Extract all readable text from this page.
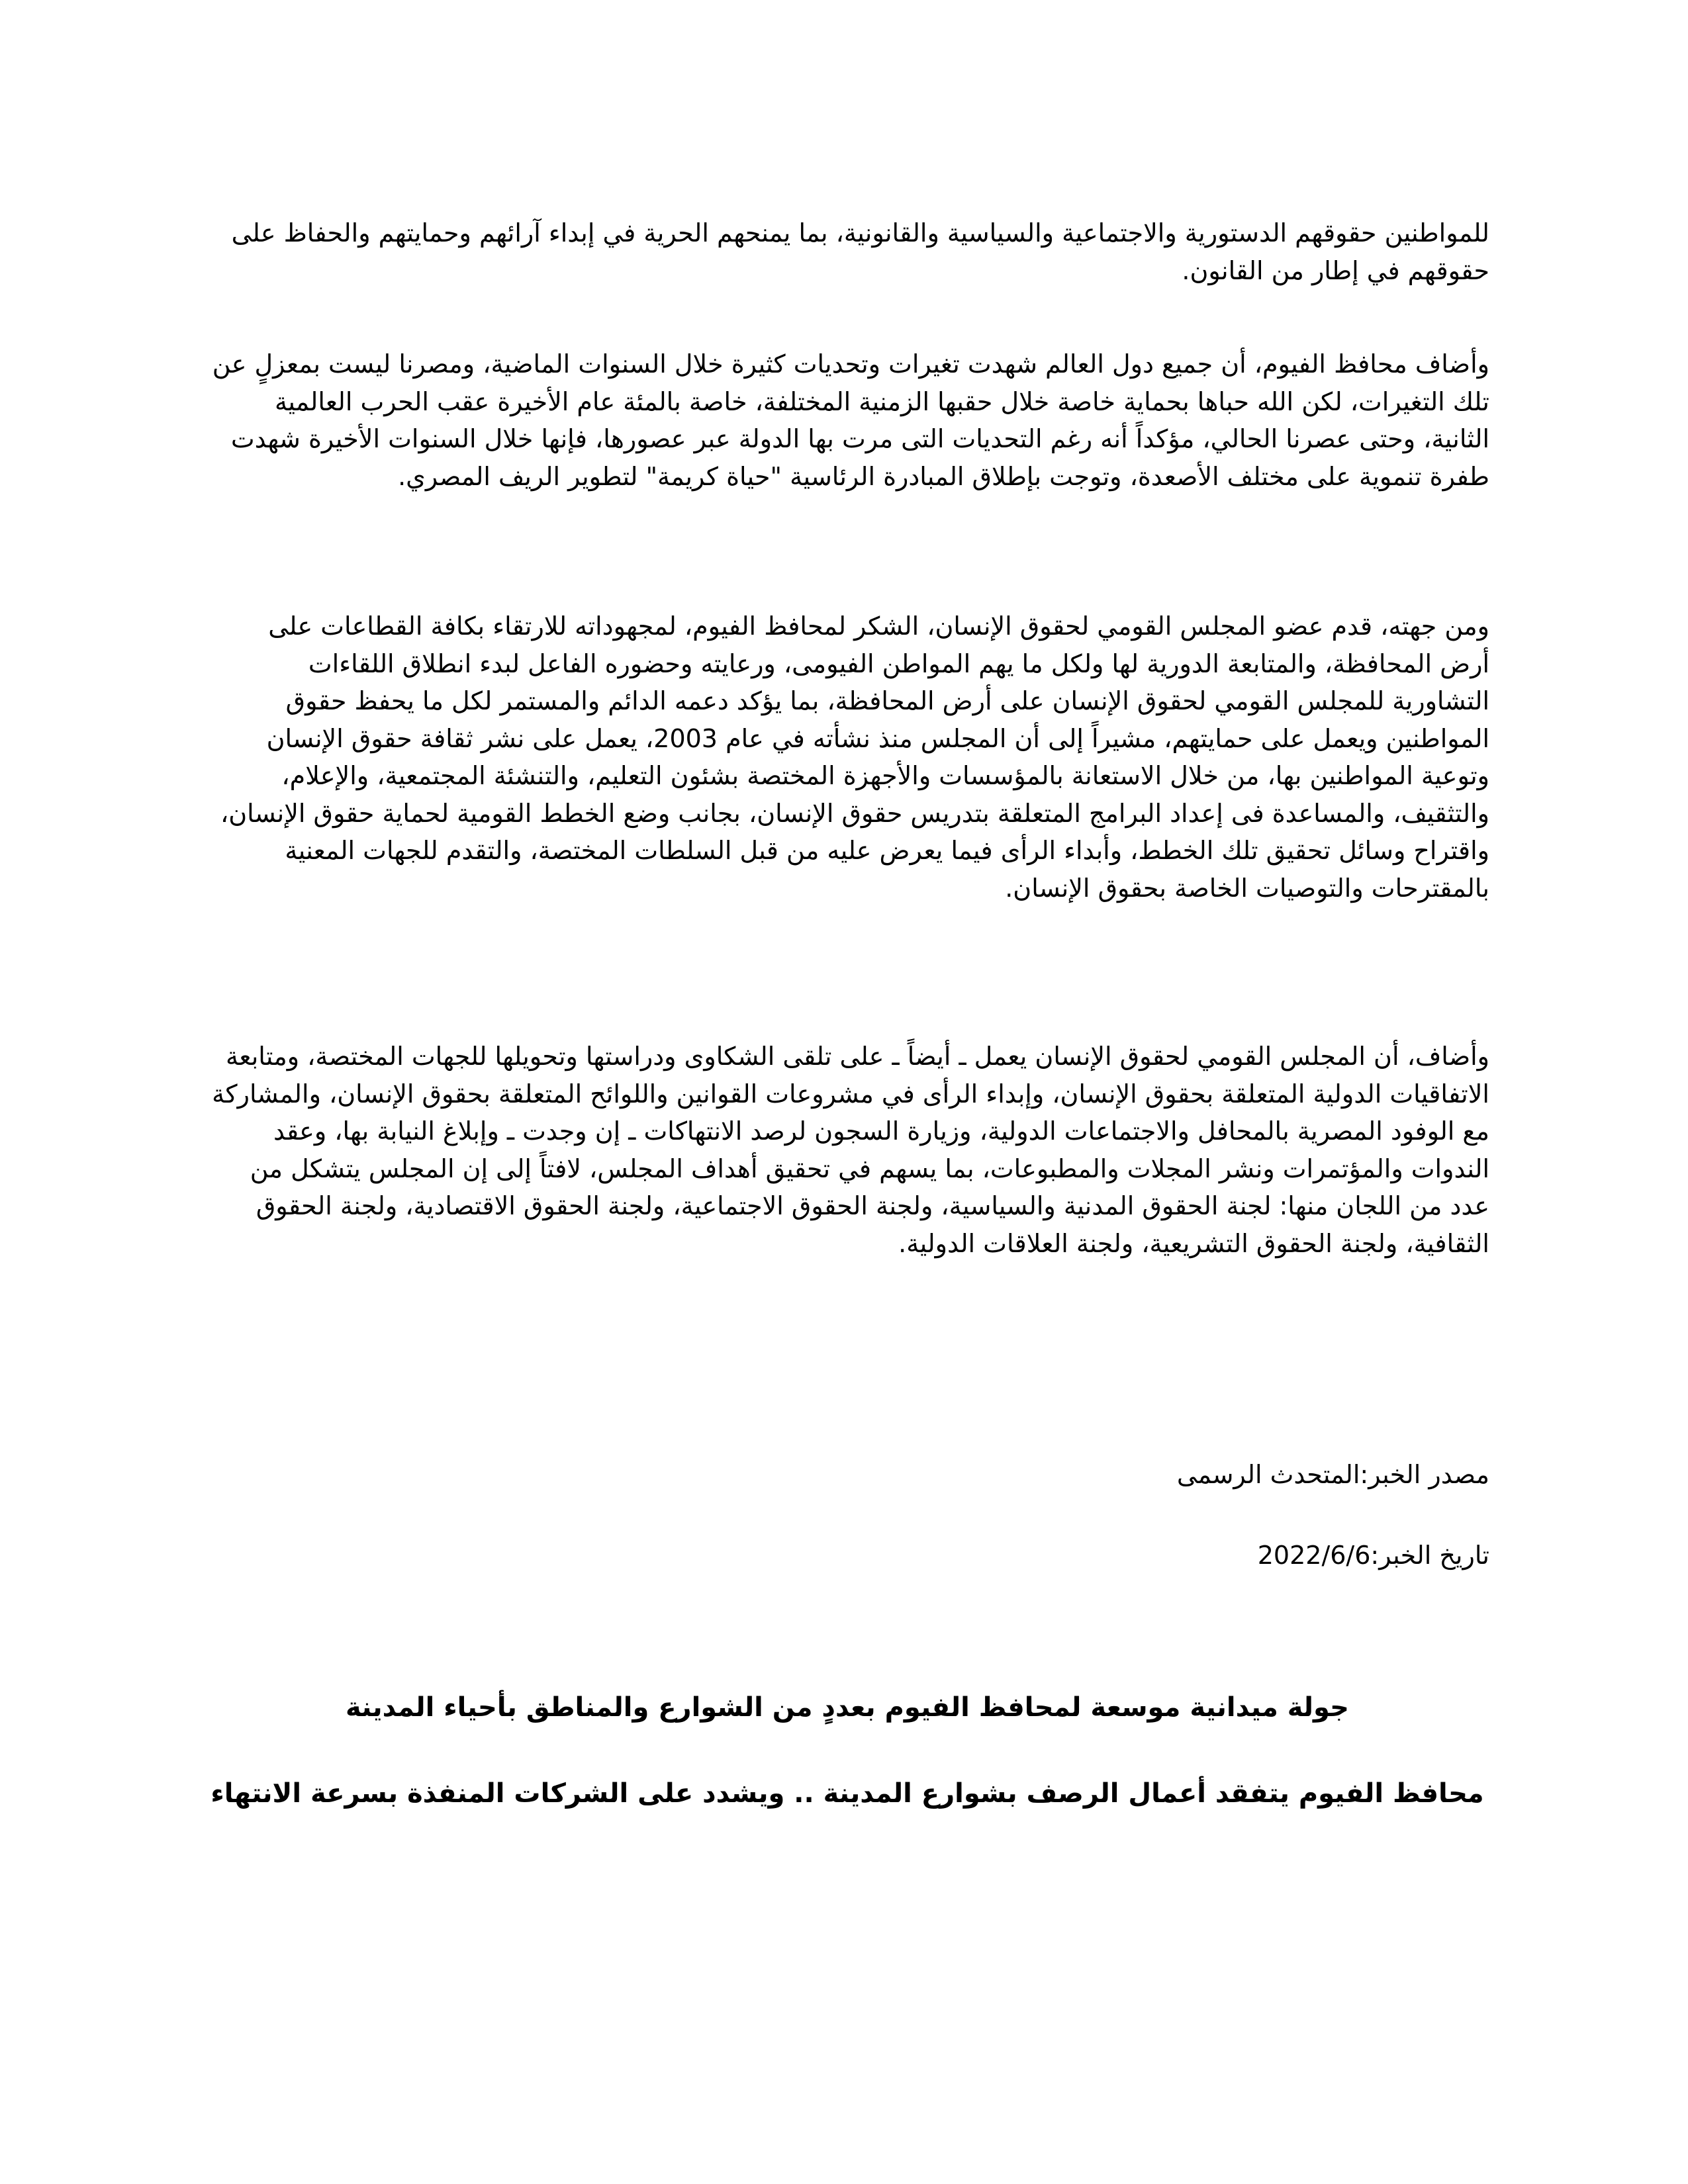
للمواطنين حقوقهم الدستورية والاجتماعية والسياسية والقانونية، بما يمنحهم الحرية في إبداء آرائهم وحمايتهم والحفاظ على حقوقهم في إطار من القانون.

وأضاف محافظ الفيوم، أن جميع دول العالم شهدت تغيرات وتحديات كثيرة خلال السنوات الماضية، ومصرنا ليست بمعزلٍ عن تلك التغيرات، لكن الله حباها بحماية خاصة خلال حقبها الزمنية المختلفة، خاصة بالمئة عام الأخيرة عقب الحرب العالمية الثانية، وحتى عصرنا الحالي، مؤكداً أنه رغم التحديات التى مرت بها الدولة عبر عصورها، فإنها خلال السنوات الأخيرة شهدت طفرة تنموية على مختلف الأصعدة، وتوجت بإطلاق المبادرة الرئاسية "حياة كريمة" لتطوير الريف المصري.

ومن جهته، قدم عضو المجلس القومي لحقوق الإنسان، الشكر لمحافظ الفيوم، لمجهوداته للارتقاء بكافة القطاعات على أرض المحافظة، والمتابعة الدورية لها ولكل ما يهم المواطن الفيومى، ورعايته وحضوره الفاعل لبدء انطلاق اللقاءات التشاورية للمجلس القومي لحقوق الإنسان على أرض المحافظة، بما يؤكد دعمه الدائم والمستمر لكل ما يحفظ حقوق المواطنين ويعمل على حمايتهم، مشيراً إلى أن المجلس منذ نشأته في عام 2003، يعمل على نشر ثقافة حقوق الإنسان وتوعية المواطنين بها، من خلال الاستعانة بالمؤسسات والأجهزة المختصة بشئون التعليم، والتنشئة المجتمعية، والإعلام، والتثقيف، والمساعدة فى إعداد البرامج المتعلقة بتدريس حقوق الإنسان، بجانب وضع الخطط القومية لحماية حقوق الإنسان، واقتراح وسائل تحقيق تلك الخطط، وأبداء الرأى فيما يعرض عليه من قبل السلطات المختصة، والتقدم للجهات المعنية بالمقترحات والتوصيات الخاصة بحقوق الإنسان.

وأضاف، أن المجلس القومي لحقوق الإنسان يعمل ـ أيضاً ـ على تلقى الشكاوى ودراستها وتحويلها للجهات المختصة، ومتابعة الاتفاقيات الدولية المتعلقة بحقوق الإنسان، وإبداء الرأى في مشروعات القوانين واللوائح المتعلقة بحقوق الإنسان، والمشاركة مع الوفود المصرية بالمحافل والاجتماعات الدولية، وزيارة السجون لرصد الانتهاكات ـ إن وجدت ـ وإبلاغ النيابة بها، وعقد الندوات والمؤتمرات ونشر المجلات والمطبوعات، بما يسهم في تحقيق أهداف المجلس، لافتاً إلى إن المجلس يتشكل من عدد من اللجان منها: لجنة الحقوق المدنية والسياسية، ولجنة الحقوق الاجتماعية، ولجنة الحقوق الاقتصادية، ولجنة الحقوق الثقافية، ولجنة الحقوق التشريعية، ولجنة العلاقات الدولية.

مصدر الخبر:المتحدث الرسمى
تاريخ الخبر:2022/6/6
جولة ميدانية موسعة لمحافظ الفيوم بعددٍ من الشوارع والمناطق بأحياء المدينة
محافظ الفيوم يتفقد أعمال الرصف بشوارع المدينة .. ويشدد على الشركات المنفذة بسرعة الانتهاء
